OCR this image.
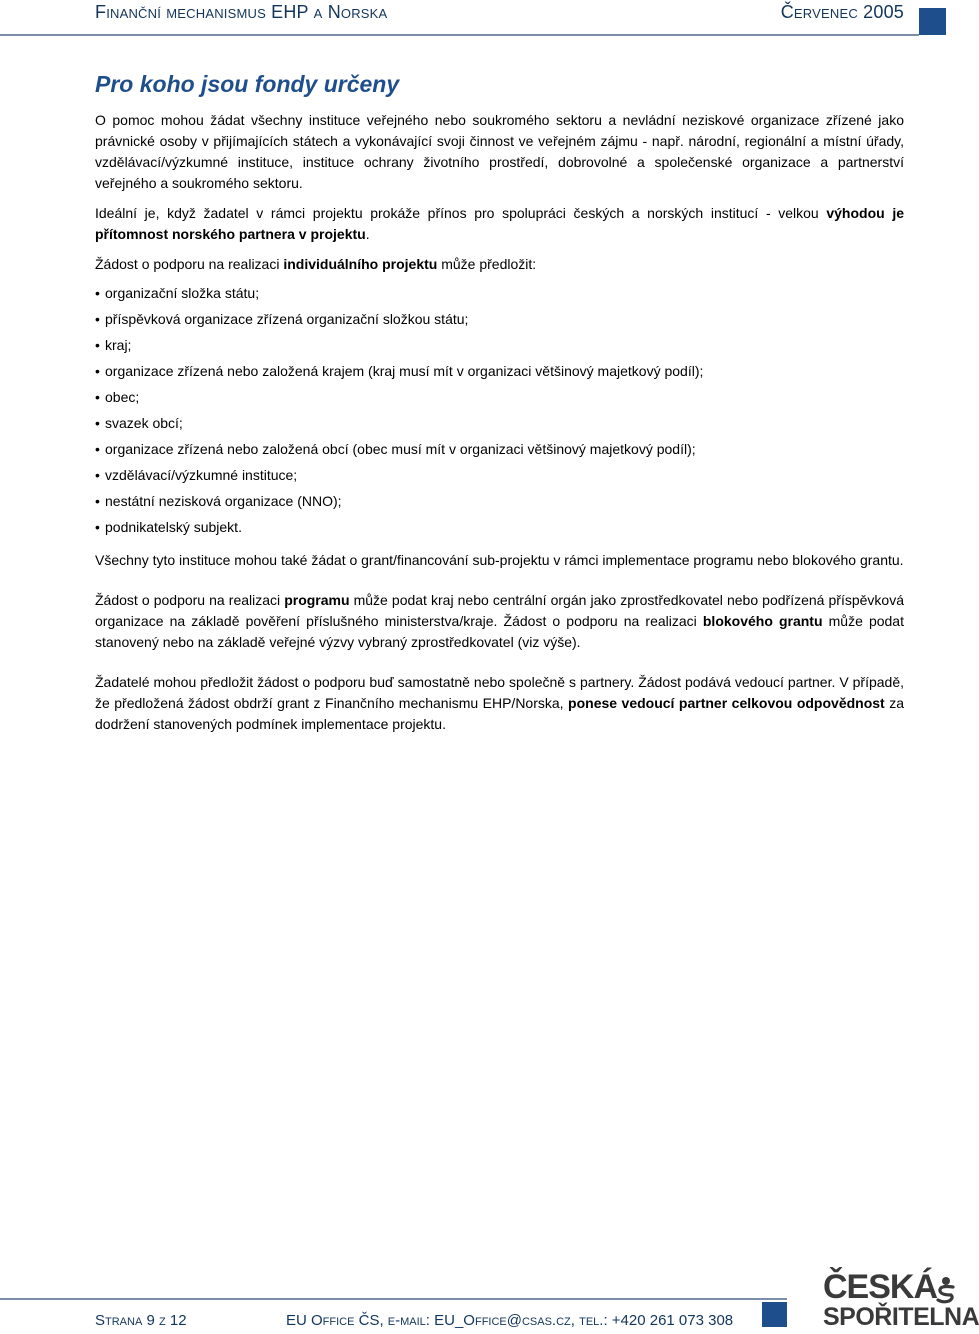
Finanční mechanismus EHP a Norska	Červenec 2005
Pro koho jsou fondy určeny

O pomoc mohou žádat všechny instituce veřejného nebo soukromého sektoru a nevládní neziskové organizace zřízené jako právnické osoby v přijímajících státech a vykonávající svoji činnost ve veřejném zájmu - např. národní, regionální a místní úřady, vzdělávací/výzkumné instituce, instituce ochrany životního prostředí, dobrovolné a společenské organizace a partnerství veřejného a soukromého sektoru.

Ideální je, když žadatel v rámci projektu prokáže přínos pro spolupráci českých a norských institucí - velkou výhodou je přítomnost norského partnera v projektu.

Žádost o podporu na realizaci individuálního projektu může předložit:

• organizační složka státu;
• příspěvková organizace zřízená organizační složkou státu;
• kraj;
• organizace zřízená nebo založená krajem (kraj musí mít v organizaci většinový majetkový podíl);
• obec;
• svazek obcí;
• organizace zřízená nebo založená obcí (obec musí mít v organizaci většinový majetkový podíl);
• vzdělávací/výzkumné instituce;
• nestátní nezisková organizace (NNO);
• podnikatelský subjekt.

Všechny tyto instituce mohou také žádat o grant/financování sub-projektu v rámci implementace programu nebo blokového grantu.

Žádost o podporu na realizaci programu může podat kraj nebo centrální orgán jako zprostředkovatel nebo podřízená příspěvková organizace na základě pověření příslušného ministerstva/kraje. Žádost o podporu na realizaci blokového grantu může podat stanovený nebo na základě veřejné výzvy vybraný zprostředkovatel (viz výše).

Žadatelé mohou předložit žádost o podporu buď samostatně nebo společně s partnery. Žádost podává vedoucí partner. V případě, že předložená žádost obdrží grant z Finančního mechanismu EHP/Norska, ponese vedoucí partner celkovou odpovědnost za dodržení stanovených podmínek implementace projektu.

Strana 9 z 12	EU Office ČS, e-mail: EU_Office@csas.cz, tel.: +420 261 073 308
ČESKÁ
SPOŘITELNA
